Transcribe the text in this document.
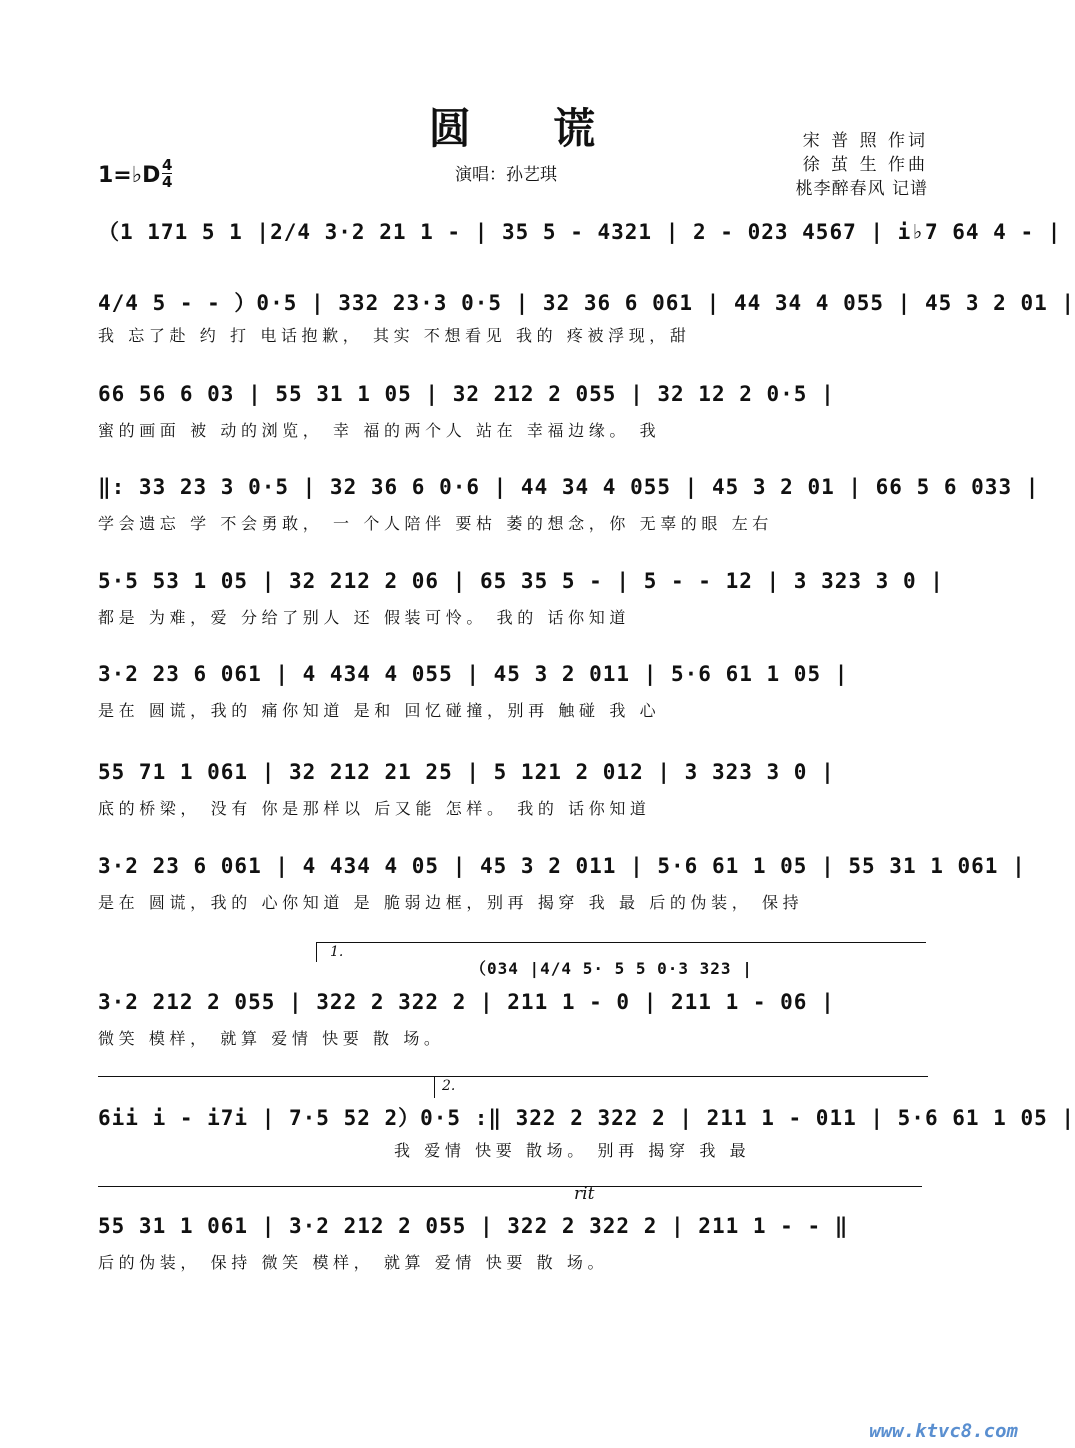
圆 谎	宋 普 照 作词
徐 茧 生 作曲
桃李醉春风 记谱
1=♭D 4
4	演唱：孙艺琪
（1 171 5 1 |2/4 3·2 21 1 - | 35 5 - 4321 | 2 - 023 4567 | i♭7 64 4 - |
4/4 5 - - ）0·5 | 332 23·3 0·5 | 32 36 6 061 | 44 34 4 055 | 45 3 2 01 |
我 忘了赴 约 打 电话抱歉， 其实 不想看见 我的 疼被浮现，甜
66 56 6 03 | 55 31 1 05 | 32 212 2 055 | 32 12 2 0·5 |
蜜的画面 被 动的浏览， 幸 福的两个人 站在 幸福边缘。 我
‖: 33 23 3 0·5 | 32 36 6 0·6 | 44 34 4 055 | 45 3 2 01 | 66 5 6 033 |
学会遗忘 学 不会勇敢， 一 个人陪伴 要枯 萎的想念，你 无辜的眼 左右
5·5 53 1 05 | 32 212 2 06 | 65 35 5 - | 5 - - 12 | 3 323 3 0 |
都是 为难，爱 分给了别人 还 假装可怜。 我的 话你知道
3·2 23 6 061 | 4 434 4 055 | 45 3 2 011 | 5·6 61 1 05 |
是在 圆谎，我的 痛你知道 是和 回忆碰撞，别再 触碰 我 心
55 71 1 061 | 32 212 21 25 | 5 121 2 012 | 3 323 3 0 |
底的桥梁， 没有 你是那样以 后又能 怎样。 我的 话你知道
3·2 23 6 061 | 4 434 4 05 | 45 3 2 011 | 5·6 61 1 05 | 55 31 1 061 |
是在 圆谎，我的 心你知道 是 脆弱边框，别再 揭穿 我 最 后的伪装， 保持
1.
（034 |4/4 5· 5 5 0·3 323 |
3·2 212 2 055 | 322 2 322 2 | 211 1 - 0 | 211 1 - 06 |
微笑 模样， 就算 爱情 快要 散 场。
2.
6ii i - i7i | 7·5 52 2）0·5 :‖ 322 2 322 2 | 211 1 - 011 | 5·6 61 1 05 |
我 爱情 快要 散场。 别再 揭穿 我 最
rit
55 31 1 061 | 3·2 212 2 055 | 322 2 322 2 | 211 1 - - ‖
后的伪装， 保持 微笑 模样， 就算 爱情 快要 散 场。
www.ktvc8.com
